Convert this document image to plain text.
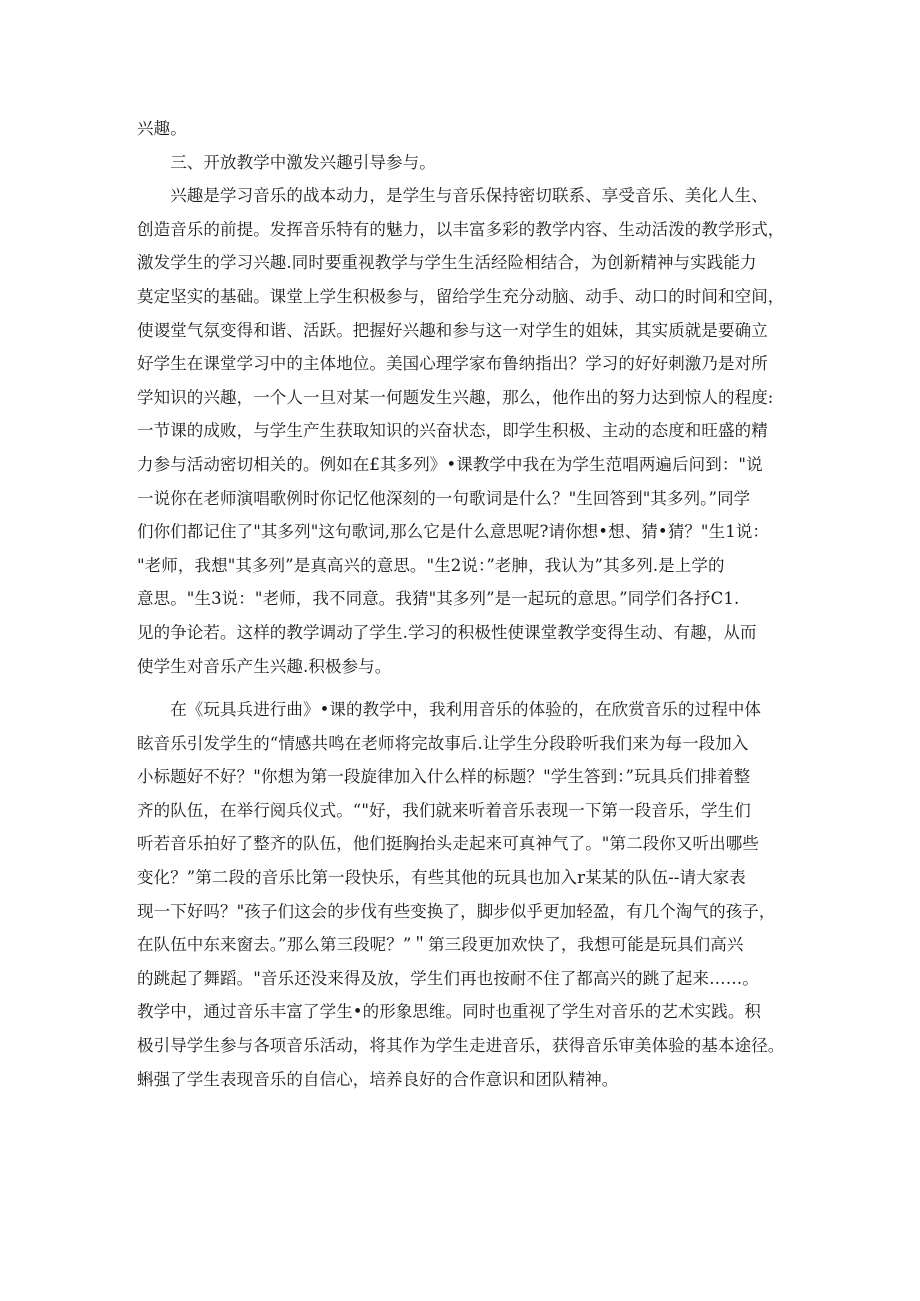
兴趣。
　　三、开放教学中激发兴趣引导参与。
　　兴趣是学习音乐的战本动力，是学生与音乐保持密切联系、享受音乐、美化人生、
创造音乐的前提。发挥音乐特有的魅力，以丰富多彩的教学内容、生动活泼的教学形式，
激发学生的学习兴趣.同时要重视教学与学生生活经险相结合，为创新精神与实践能力
莫定坚实的基础。课堂上学生积极参与，留给学生充分动脑、动手、动口的时间和空间，
使谡堂气氛变得和谐、活跃。把握好兴趣和参与这一对学生的姐妹，其实质就是要确立
好学生在课堂学习中的主体地位。美国心理学家布鲁纳指出？学习的好好刺激乃是对所
学知识的兴趣，一个人一旦对某一何题发生兴趣，那么，他作出的努力达到惊人的程度:
一节课的成败，与学生产生获取知识的兴奋状态，即学生积极、主动的态度和旺盛的精
力参与活动密切相关的。例如在£其多列》•课教学中我在为学生范唱两遍后问到："说
一说你在老师演唱歌例时你记忆他深刻的一句歌词是什么？"生回答到"其多列。”同学
们你们都记住了"其多列"这句歌词,那么它是什么意思呢?请你想•想、猜•猜？"生1说：
"老师，我想"其多列”是真高兴的意思。"生2说：”老胂，我认为”其多列.是上学的
意思。"生3说："老师，我不同意。我猜"其多列”是一起玩的意思。”同学们各抒C1.
见的争论若。这样的教学调动了学生.学习的积极性使课堂教学变得生动、有趣，从而
使学生对音乐产生兴趣.积极参与。
　　在《玩具兵进行曲》•课的教学中，我利用音乐的体验的，在欣赏音乐的过程中体
眩音乐引发学生的“情感共鸣在老师将完故事后.让学生分段聆听我们来为每一段加入
小标题好不好？"你想为第一段旋律加入什么样的标题？"学生答到：”玩具兵们排着整
齐的队伍，在举行阅兵仪式。“"好，我们就来听着音乐表现一下第一段音乐，学生们
听若音乐拍好了整齐的队伍，他们挺胸抬头走起来可真神气了。"第二段你又听出哪些
变化？”第二段的音乐比第一段快乐，有些其他的玩具也加入r某某的队伍--请大家表
现一下好吗？"孩子们这会的步伐有些变换了，脚步似乎更加轻盈，有几个淘气的孩子，
在队伍中东来窗去。”那么第三段呢？”＂第三段更加欢快了，我想可能是玩具们高兴
的跳起了舞蹈。"音乐还没来得及放，学生们再也按耐不住了都高兴的跳了起来……。
教学中，通过音乐丰富了学生•的形象思维。同时也重视了学生对音乐的艺术实践。积
极引导学生参与各项音乐活动，将其作为学生走进音乐，获得音乐审美体验的基本途径。
蝌强了学生表现音乐的自信心，培养良好的合作意识和团队精神。
